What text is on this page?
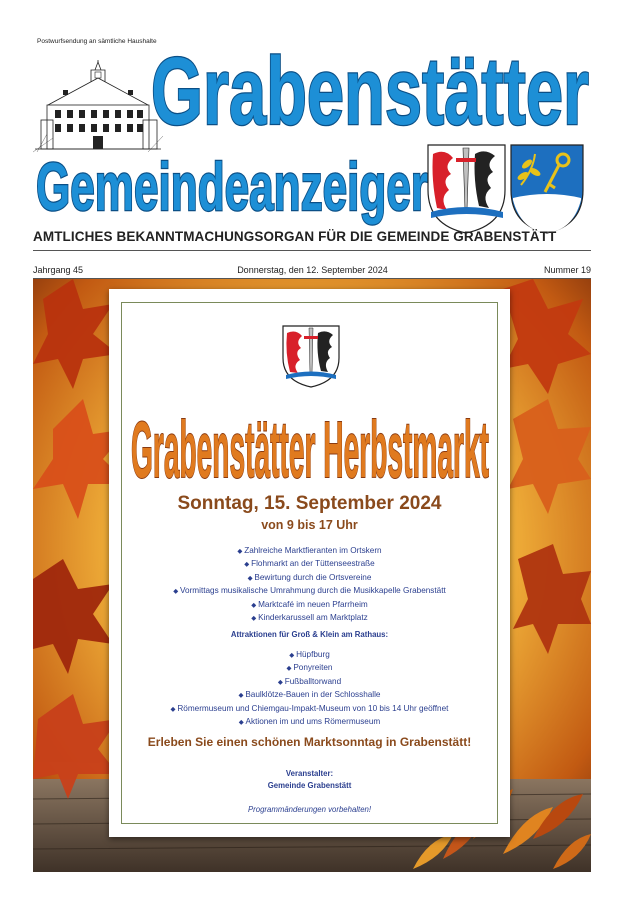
Postwurfsendung an sämtliche Haushalte
Grabenstätter
Gemeindeanzeiger
AMTLICHES BEKANNTMACHUNGSORGAN FÜR DIE GEMEINDE GRABENSTÄTT
Jahrgang 45	Donnerstag, den 12. September 2024	Nummer 19
Grabenstätter Herbstmarkt
Sonntag, 15. September 2024
von 9 bis 17 Uhr
◆ Zahlreiche Marktfieranten im Ortskern
◆ Flohmarkt an der Tüttenseestraße
◆ Bewirtung durch die Ortsvereine
◆ Vormittags musikalische Umrahmung durch die Musikkapelle Grabenstätt
◆ Marktcafé im neuen Pfarrheim
◆ Kinderkarussell am Marktplatz
Attraktionen für Groß & Klein am Rathaus:
◆ Hüpfburg
◆ Ponyreiten
◆ Fußballtorwand
◆ Baulklötze-Bauen in der Schlosshalle
◆ Römermuseum und Chiemgau-Impakt-Museum von 10 bis 14 Uhr geöffnet
◆ Aktionen im und ums Römermuseum
Erleben Sie einen schönen Marktsonntag in Grabenstätt!
Veranstalter:
Gemeinde Grabenstätt
Programmänderungen vorbehalten!
